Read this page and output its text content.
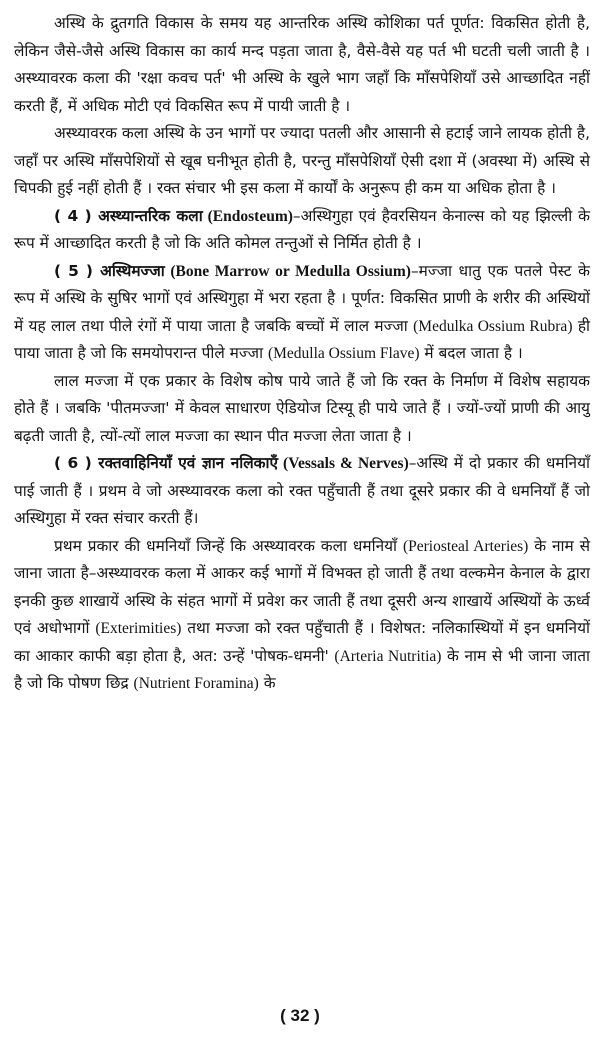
अस्थि के द्रुतगति विकास के समय यह आन्तरिक अस्थि कोशिका पर्त पूर्णत: विकसित होती है, लेकिन जैसे-जैसे अस्थि विकास का कार्य मन्द पड़ता जाता है, वैसे-वैसे यह पर्त भी घटती चली जाती है । अस्थ्यावरक कला की 'रक्षा कवच पर्त' भी अस्थि के खुले भाग जहाँ कि माँसपेशियाँ उसे आच्छादित नहीं करती हैं, में अधिक मोटी एवं विकसित रूप में पायी जाती है ।

अस्थ्यावरक कला अस्थि के उन भागों पर ज्यादा पतली और आसानी से हटाई जाने लायक होती है, जहाँ पर अस्थि माँसपेशियों से खूब घनीभूत होती है, परन्तु माँसपेशियाँ ऐसी दशा में (अवस्था में) अस्थि से चिपकी हुई नहीं होती हैं । रक्त संचार भी इस कला में कार्यों के अनुरूप ही कम या अधिक होता है ।

( 4 ) अस्थ्यान्तरिक कला (Endosteum)–अस्थिगुहा एवं हैवरसियन केनाल्स को यह झिल्ली के रूप में आच्छादित करती है जो कि अति कोमल तन्तुओं से निर्मित होती है ।

( 5 ) अस्थिमज्जा (Bone Marrow or Medulla Ossium)–मज्जा धातु एक पतले पेस्ट के रूप में अस्थि के सुषिर भागों एवं अस्थिगुहा में भरा रहता है । पूर्णत: विकसित प्राणी के शरीर की अस्थियों में यह लाल तथा पीले रंगों में पाया जाता है जबकि बच्चों में लाल मज्जा (Medulka Ossium Rubra) ही पाया जाता है जो कि समयोपरान्त पीले मज्जा (Medulla Ossium Flave) में बदल जाता है ।

लाल मज्जा में एक प्रकार के विशेष कोष पाये जाते हैं जो कि रक्त के निर्माण में विशेष सहायक होते हैं । जबकि 'पीतमज्जा' में केवल साधारण ऐडियोज टिस्यू ही पाये जाते हैं । ज्यों-ज्यों प्राणी की आयु बढ़ती जाती है, त्यों-त्यों लाल मज्जा का स्थान पीत मज्जा लेता जाता है ।

( 6 ) रक्तवाहिनियाँ एवं ज्ञान नलिकाएँ (Vessals & Nerves)–अस्थि में दो प्रकार की धमनियाँ पाई जाती हैं । प्रथम वे जो अस्थ्यावरक कला को रक्त पहुँचाती हैं तथा दूसरे प्रकार की वे धमनियाँ हैं जो अस्थिगुहा में रक्त संचार करती हैं।

प्रथम प्रकार की धमनियाँ जिन्हें कि अस्थ्यावरक कला धमनियाँ (Periosteal Arteries) के नाम से जाना जाता है–अस्थ्यावरक कला में आकर कई भागों में विभक्त हो जाती हैं तथा वल्कमेन केनाल के द्वारा इनकी कुछ शाखायें अस्थि के संहत भागों में प्रवेश कर जाती हैं तथा दूसरी अन्य शाखायें अस्थियों के ऊर्ध्व एवं अधोभागों (Exterimities) तथा मज्जा को रक्त पहुँचाती हैं । विशेषत: नलिकास्थियों में इन धमनियों का आकार काफी बड़ा होता है, अत: उन्हें 'पोषक-धमनी' (Arteria Nutritia) के नाम से भी जाना जाता है जो कि पोषण छिद्र (Nutrient Foramina) के

( 32 )
